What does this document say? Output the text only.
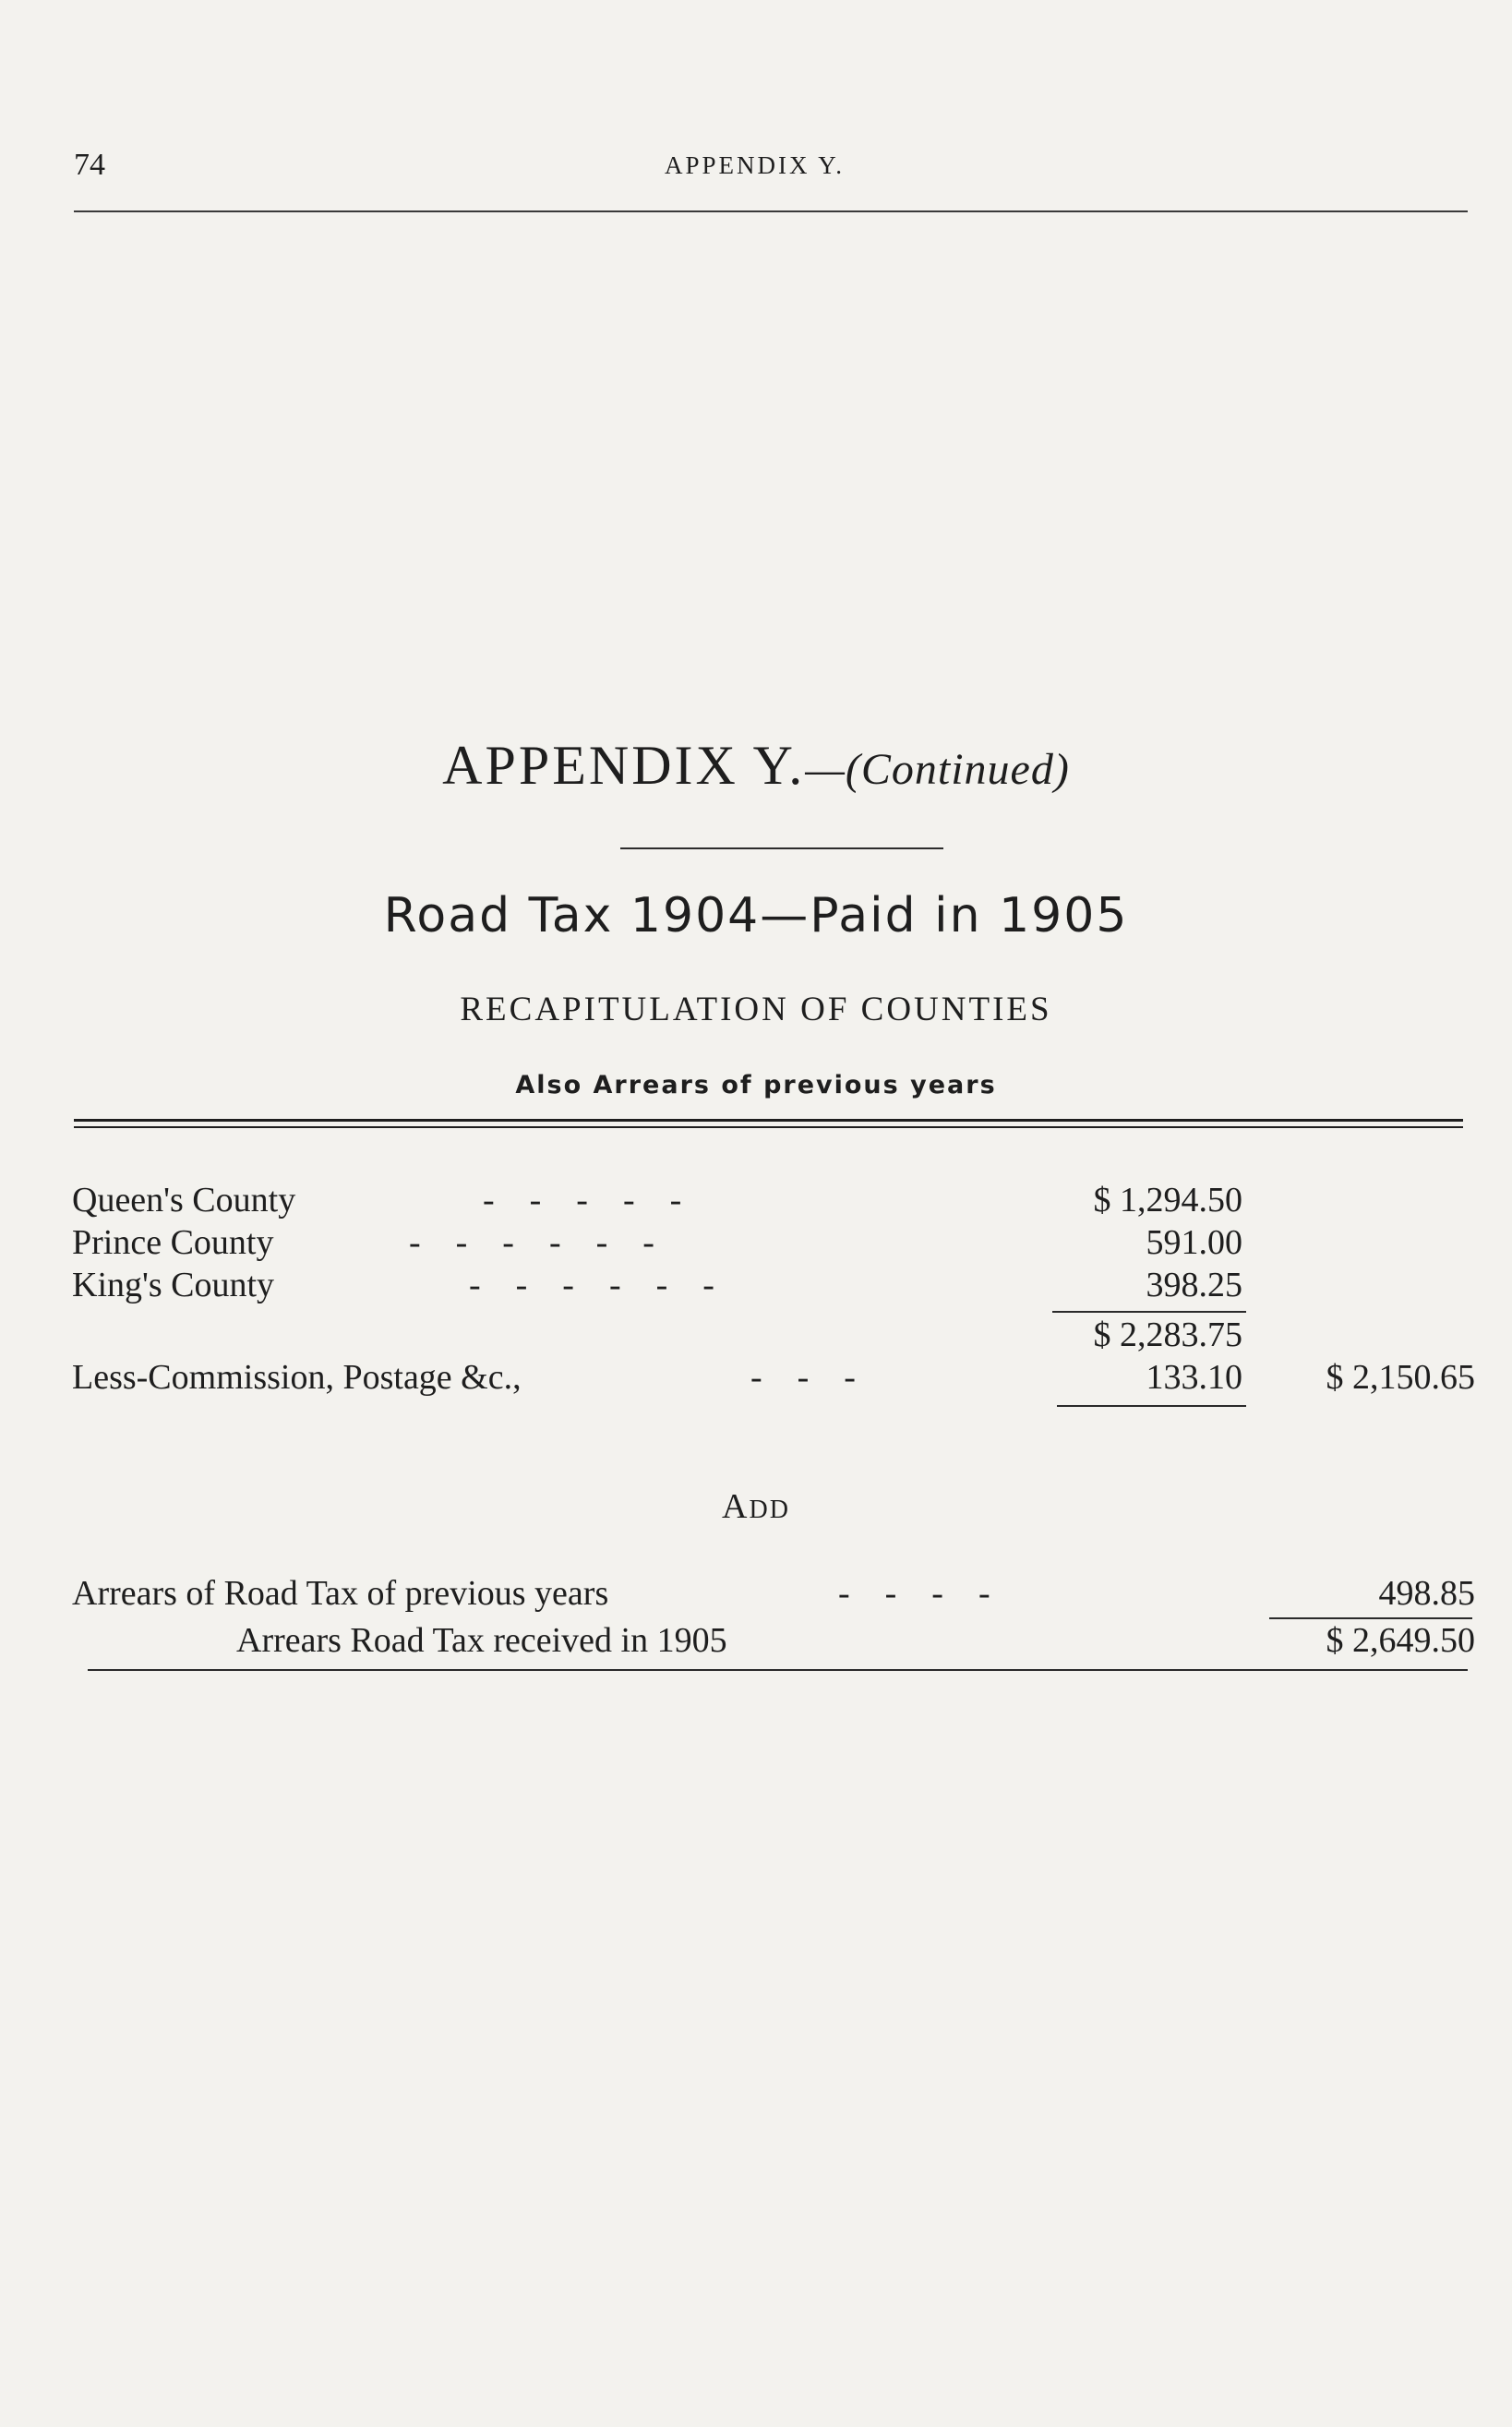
74	APPENDIX Y.
APPENDIX Y.—(Continued)
Road Tax 1904—Paid in 1905
RECAPITULATION OF COUNTIES
Also Arrears of previous years
Queen's County	-    -    -    -    -	$ 1,294.50
Prince County	-    -    -    -    -    -	591.00
King's County	-    -    -    -    -    -	398.25
$ 2,283.75
Less-Commission, Postage &c.,	-    -    -	133.10 $ 2,150.65
ADD
Arrears of Road Tax of previous years	-    -    -    -	498.85
Arrears Road Tax received in 1905	$ 2,649.50
